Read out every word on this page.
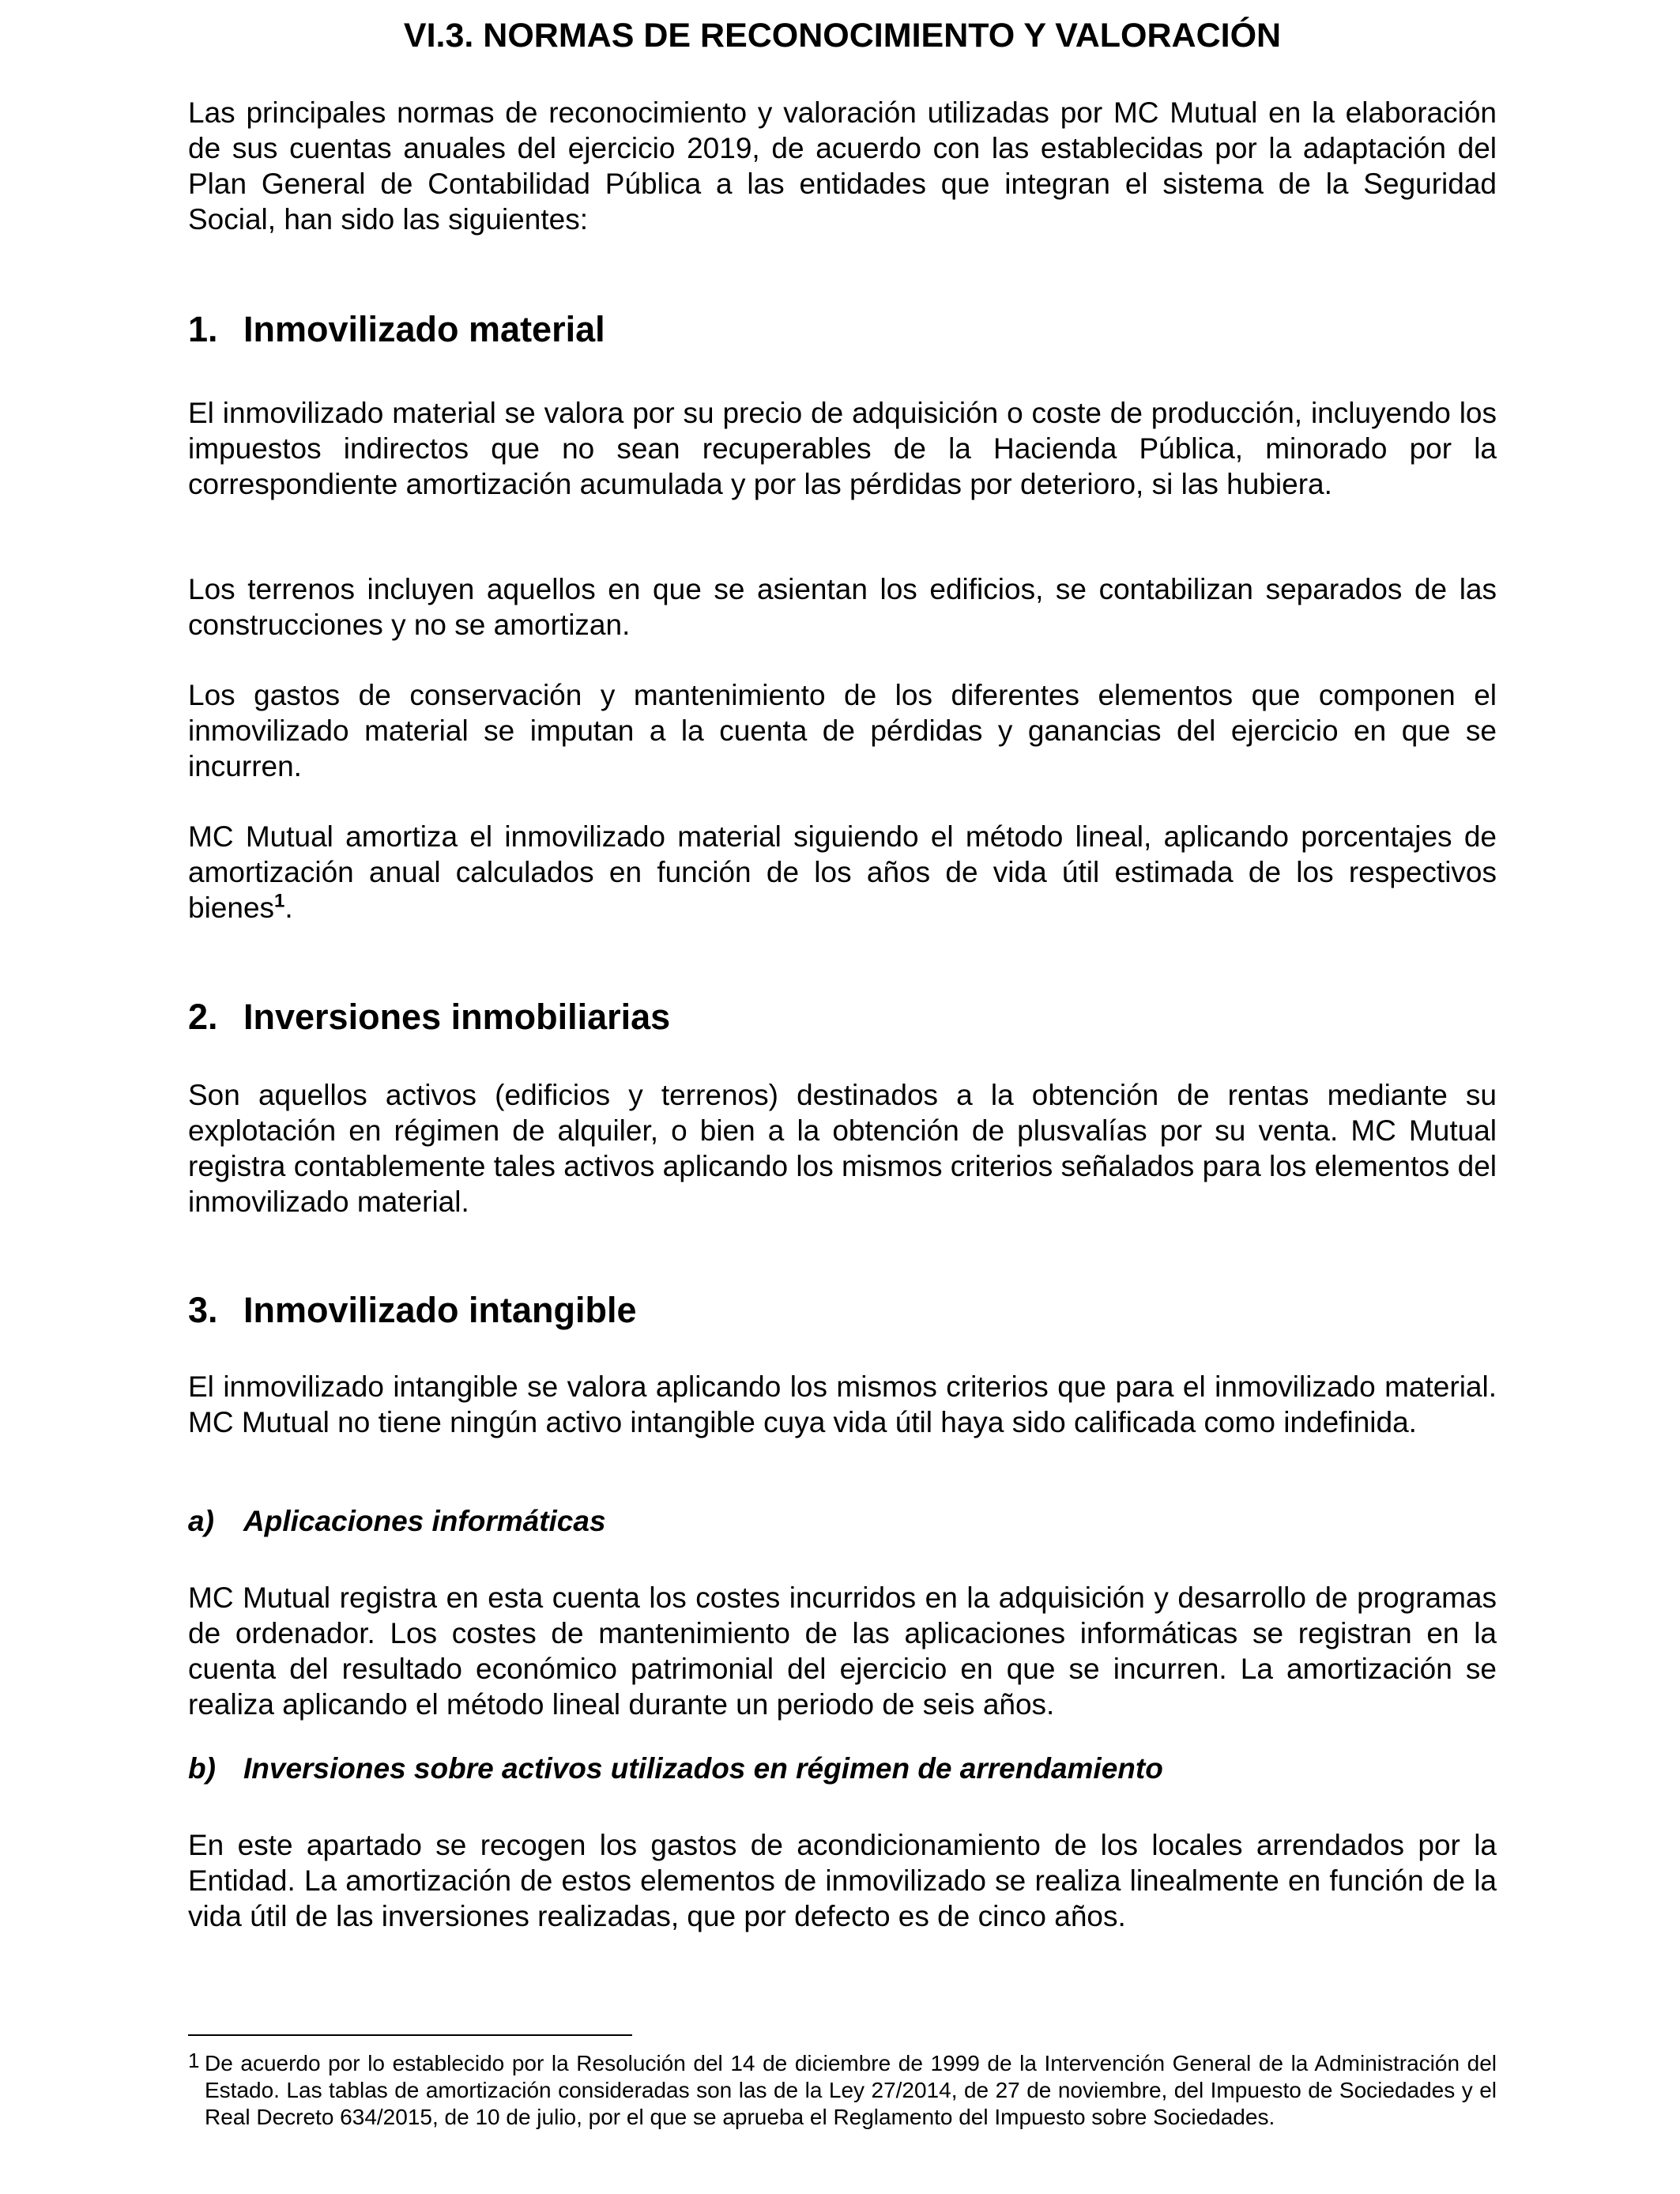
VI.3. NORMAS DE RECONOCIMIENTO Y VALORACIÓN

Las principales normas de reconocimiento y valoración utilizadas por MC Mutual en la elaboración de sus cuentas anuales del ejercicio 2019, de acuerdo con las establecidas por la adaptación del Plan General de Contabilidad Pública a las entidades que integran el sistema de la Seguridad Social, han sido las siguientes:

1. Inmovilizado material

El inmovilizado material se valora por su precio de adquisición o coste de producción, incluyendo los impuestos indirectos que no sean recuperables de la Hacienda Pública, minorado por la correspondiente amortización acumulada y por las pérdidas por deterioro, si las hubiera.

Los terrenos incluyen aquellos en que se asientan los edificios, se contabilizan separados de las construcciones y no se amortizan.

Los gastos de conservación y mantenimiento de los diferentes elementos que componen el inmovilizado material se imputan a la cuenta de pérdidas y ganancias del ejercicio en que se incurren.

MC Mutual amortiza el inmovilizado material siguiendo el método lineal, aplicando porcentajes de amortización anual calculados en función de los años de vida útil estimada de los respectivos bienes$^1$.

2. Inversiones inmobiliarias

Son aquellos activos (edificios y terrenos) destinados a la obtención de rentas mediante su explotación en régimen de alquiler, o bien a la obtención de plusvalías por su venta. MC Mutual registra contablemente tales activos aplicando los mismos criterios señalados para los elementos del inmovilizado material.

3. Inmovilizado intangible

El inmovilizado intangible se valora aplicando los mismos criterios que para el inmovilizado material. MC Mutual no tiene ningún activo intangible cuya vida útil haya sido calificada como indefinida.

a) Aplicaciones informáticas

MC Mutual registra en esta cuenta los costes incurridos en la adquisición y desarrollo de programas de ordenador. Los costes de mantenimiento de las aplicaciones informáticas se registran en la cuenta del resultado económico patrimonial del ejercicio en que se incurren. La amortización se realiza aplicando el método lineal durante un periodo de seis años.

b) Inversiones sobre activos utilizados en régimen de arrendamiento

En este apartado se recogen los gastos de acondicionamiento de los locales arrendados por la Entidad. La amortización de estos elementos de inmovilizado se realiza linealmente en función de la vida útil de las inversiones realizadas, que por defecto es de cinco años.

1 De acuerdo por lo establecido por la Resolución del 14 de diciembre de 1999 de la Intervención General de la Administración del Estado. Las tablas de amortización consideradas son las de la Ley 27/2014, de 27 de noviembre, del Impuesto de Sociedades y el Real Decreto 634/2015, de 10 de julio, por el que se aprueba el Reglamento del Impuesto sobre Sociedades.
